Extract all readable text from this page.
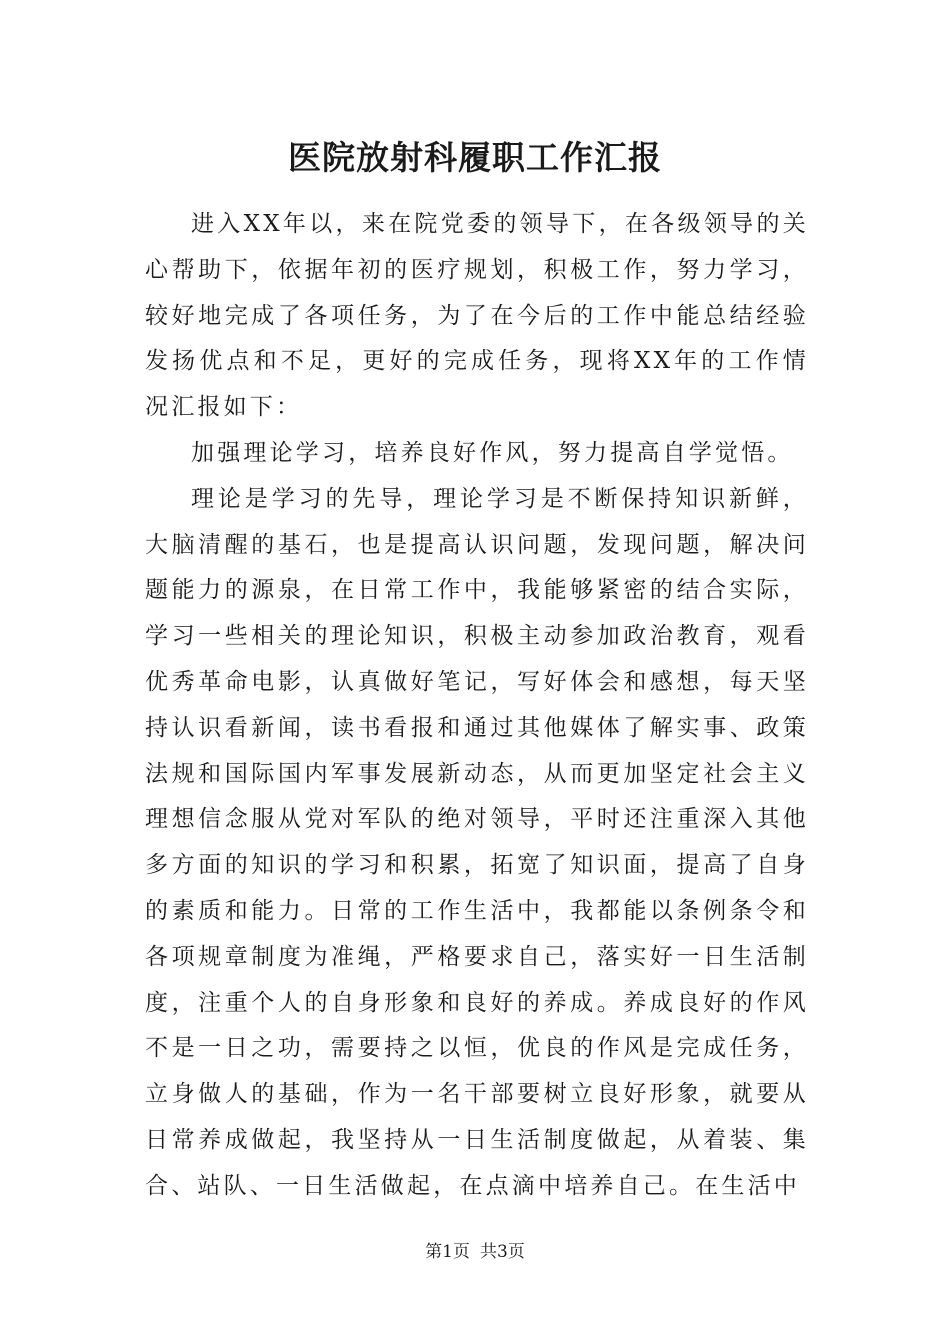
医院放射科履职工作汇报

进入XX年以，来在院党委的领导下，在各级领导的关心帮助下，依据年初的医疗规划，积极工作，努力学习，较好地完成了各项任务，为了在今后的工作中能总结经验发扬优点和不足，更好的完成任务，现将XX年的工作情况汇报如下：

加强理论学习，培养良好作风，努力提高自学觉悟。

理论是学习的先导，理论学习是不断保持知识新鲜，大脑清醒的基石，也是提高认识问题，发现问题，解决问题能力的源泉，在日常工作中，我能够紧密的结合实际，学习一些相关的理论知识，积极主动参加政治教育，观看优秀革命电影，认真做好笔记，写好体会和感想，每天坚持认识看新闻，读书看报和通过其他媒体了解实事、政策法规和国际国内军事发展新动态，从而更加坚定社会主义理想信念服从党对军队的绝对领导，平时还注重深入其他多方面的知识的学习和积累，拓宽了知识面，提高了自身的素质和能力。日常的工作生活中，我都能以条例条令和各项规章制度为准绳，严格要求自己，落实好一日生活制度，注重个人的自身形象和良好的养成。养成良好的作风不是一日之功，需要持之以恒，优良的作风是完成任务，立身做人的基础，作为一名干部要树立良好形象，就要从日常养成做起，我坚持从一日生活制度做起，从着装、集合、站队、一日生活做起，在点滴中培养自己。在生活中

第1页 共3页
